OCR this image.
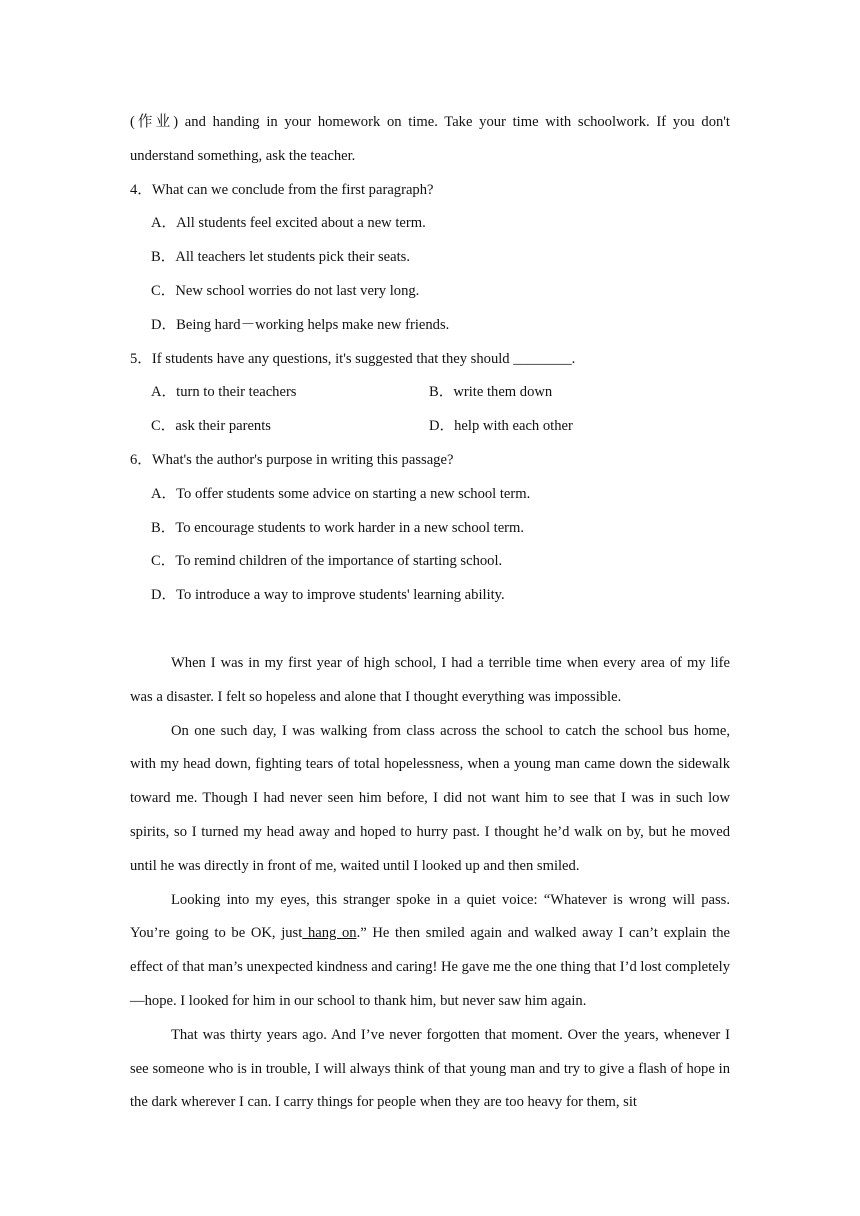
(作业) and handing in your homework on time. Take your time with schoolwork. If you don't understand something, ask the teacher.

4．What can we conclude from the first paragraph?

A．All students feel excited about a new term.
B．All teachers let students pick their seats.
C．New school worries do not last very long.
D．Being hard－working helps make new friends.

5．If students have any questions, it's suggested that they should ________.

A．turn to their teachers	B．write them down
C．ask their parents	D．help with each other

6．What's the author's purpose in writing this passage?

A．To offer students some advice on starting a new school term.
B．To encourage students to work harder in a new school term.
C．To remind children of the importance of starting school.
D．To introduce a way to improve students' learning ability.

When I was in my first year of high school, I had a terrible time when every area of my life was a disaster. I felt so hopeless and alone that I thought everything was impossible.

On one such day, I was walking from class across the school to catch the school bus home, with my head down, fighting tears of total hopelessness, when a young man came down the sidewalk toward me. Though I had never seen him before, I did not want him to see that I was in such low spirits, so I turned my head away and hoped to hurry past. I thought he’d walk on by, but he moved until he was directly in front of me, waited until I looked up and then smiled.

Looking into my eyes, this stranger spoke in a quiet voice: “Whatever is wrong will pass. You’re going to be OK, just hang on.” He then smiled again and walked away I can’t explain the effect of that man’s unexpected kindness and caring! He gave me the one thing that I’d lost completely—hope. I looked for him in our school to thank him, but never saw him again.

That was thirty years ago. And I’ve never forgotten that moment. Over the years, whenever I see someone who is in trouble, I will always think of that young man and try to give a flash of hope in the dark wherever I can. I carry things for people when they are too heavy for them, sit
